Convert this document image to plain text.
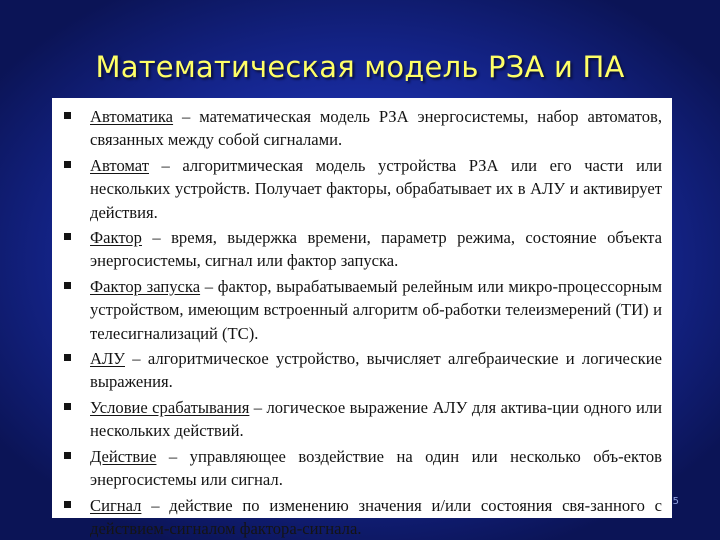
Математическая модель РЗА и ПА
Автоматика – математическая модель РЗА энергосистемы, набор автоматов, связанных между собой сигналами.
Автомат – алгоритмическая модель устройства РЗА или его части или нескольких устройств. Получает факторы, обрабатывает их в АЛУ и активирует действия.
Фактор – время, выдержка времени, параметр режима, состояние объекта энергосистемы, сигнал или фактор запуска.
Фактор запуска – фактор, вырабатываемый релейным или микро-процессорным устройством, имеющим встроенный алгоритм об-работки телеизмерений (ТИ) и телесигнализаций (ТС).
АЛУ – алгоритмическое устройство, вычисляет алгебраические и логические выражения.
Условие срабатывания – логическое выражение АЛУ для актива-ции одного или нескольких действий.
Действие – управляющее воздействие на один или несколько объ-ектов энергосистемы или сигнал.
Сигнал – действие по изменению значения и/или состояния свя-занного с действием-сигналом фактора-сигнала.
5
